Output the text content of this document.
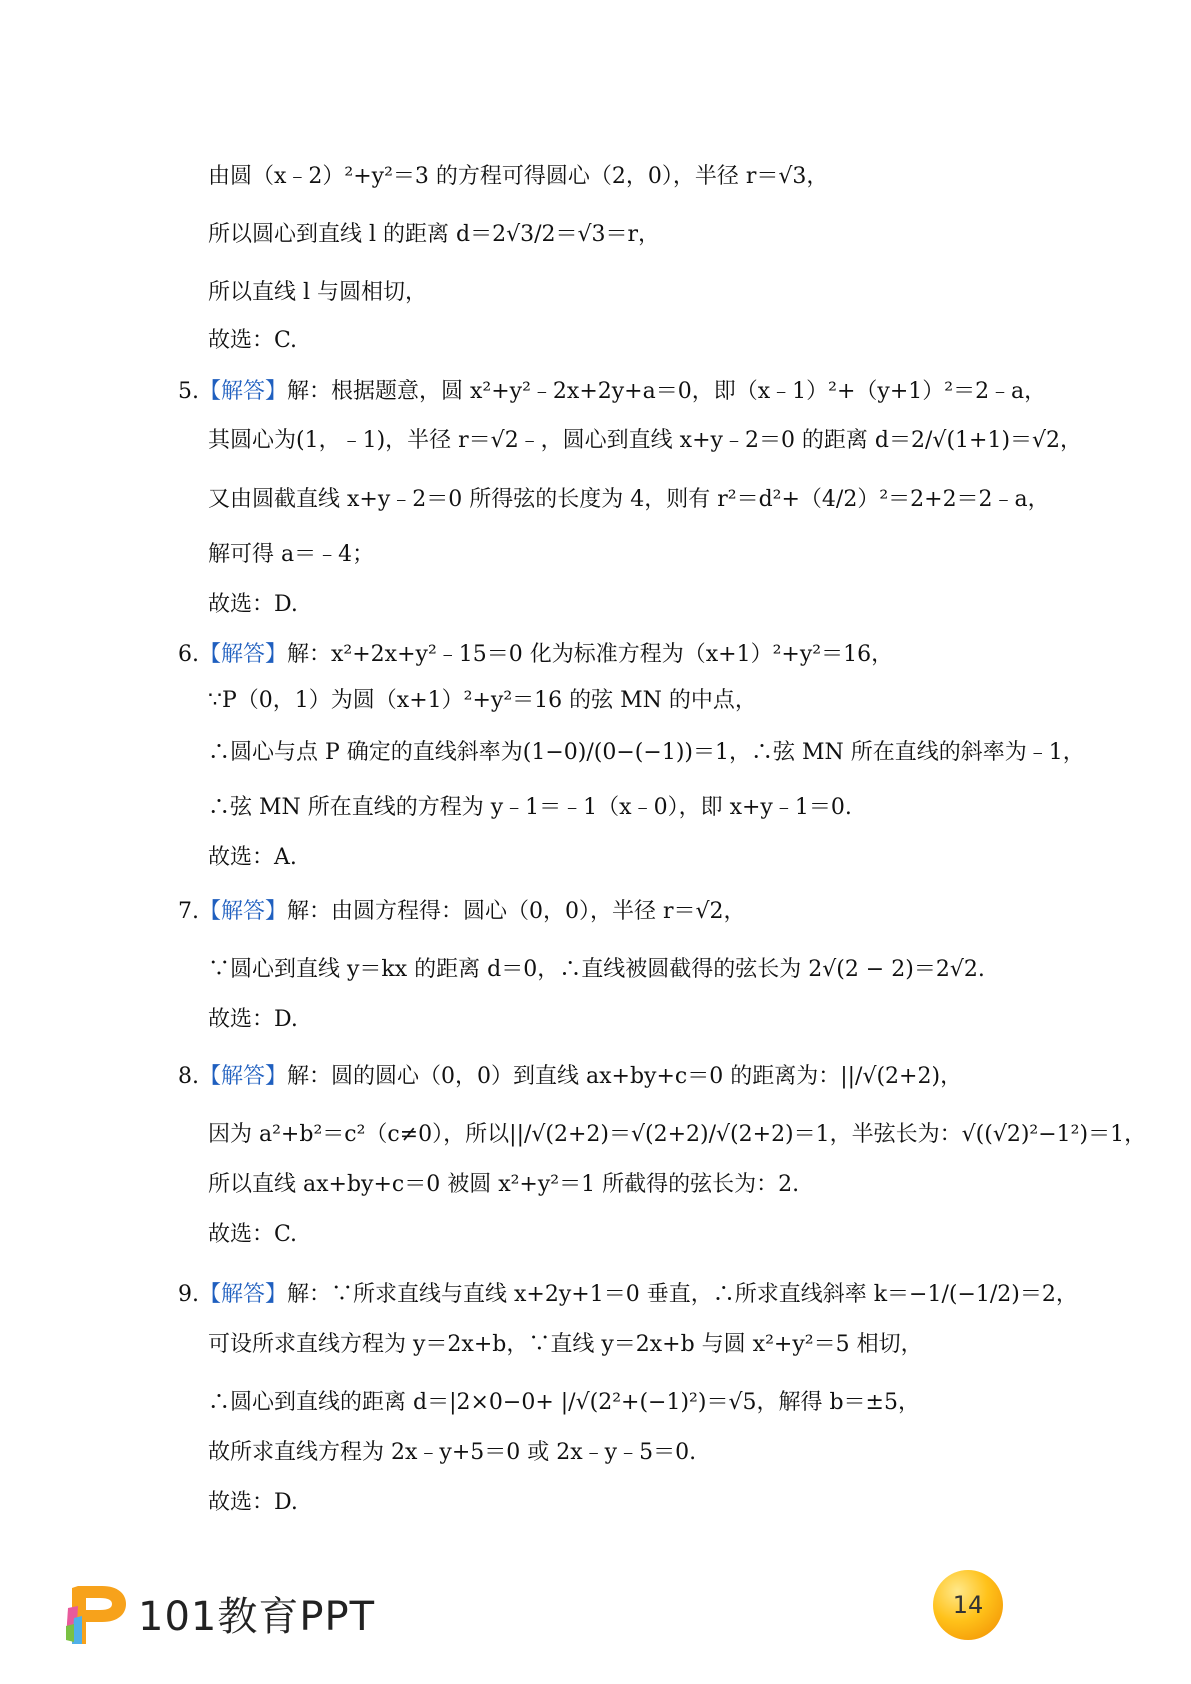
由圆（x﹣2）²+y²＝3 的方程可得圆心（2，0），半径 r＝√3，
所以圆心到直线 l 的距离 d＝2√3/2＝√3＝r，
所以直线 l 与圆相切，
故选：C.
5.【解答】解：根据题意，圆 x²+y²﹣2x+2y+a＝0，即（x﹣1）²+（y+1）²＝2﹣a，
其圆心为(1，﹣1)，半径 r＝√2﹣，圆心到直线 x+y﹣2＝0 的距离 d＝2/√(1+1)＝√2，
又由圆截直线 x+y﹣2＝0 所得弦的长度为 4，则有 r²＝d²+（4/2）²＝2+2＝2﹣a，
解可得 a＝﹣4；
故选：D.
6.【解答】解：x²+2x+y²﹣15＝0 化为标准方程为（x+1）²+y²＝16，
∵P（0，1）为圆（x+1）²+y²＝16 的弦 MN 的中点，
∴圆心与点 P 确定的直线斜率为(1−0)/(0−(−1))＝1，∴弦 MN 所在直线的斜率为﹣1，
∴弦 MN 所在直线的方程为 y﹣1＝﹣1（x﹣0），即 x+y﹣1＝0.
故选：A.
7.【解答】解：由圆方程得：圆心（0，0），半径 r＝√2，
∵圆心到直线 y＝kx 的距离 d＝0，∴直线被圆截得的弦长为 2√(2 − 2)＝2√2.
故选：D.
8.【解答】解：圆的圆心（0，0）到直线 ax+by+c＝0 的距离为：||/√(2+2)，
因为 a²+b²＝c²（c≠0），所以||/√(2+2)＝√(2+2)/√(2+2)＝1，半弦长为：√((√2)²−1²)＝1，
所以直线 ax+by+c＝0 被圆 x²+y²＝1 所截得的弦长为：2.
故选：C.
9.【解答】解：∵所求直线与直线 x+2y+1＝0 垂直，∴所求直线斜率 k＝−1/(−1/2)＝2，
可设所求直线方程为 y＝2x+b，∵直线 y＝2x+b 与圆 x²+y²＝5 相切，
∴圆心到直线的距离 d＝|2×0−0+ |/√(2²+(−1)²)＝√5，解得 b＝±5，
故所求直线方程为 2x﹣y+5＝0 或 2x﹣y﹣5＝0.
故选：D.
101教育PPT	14
